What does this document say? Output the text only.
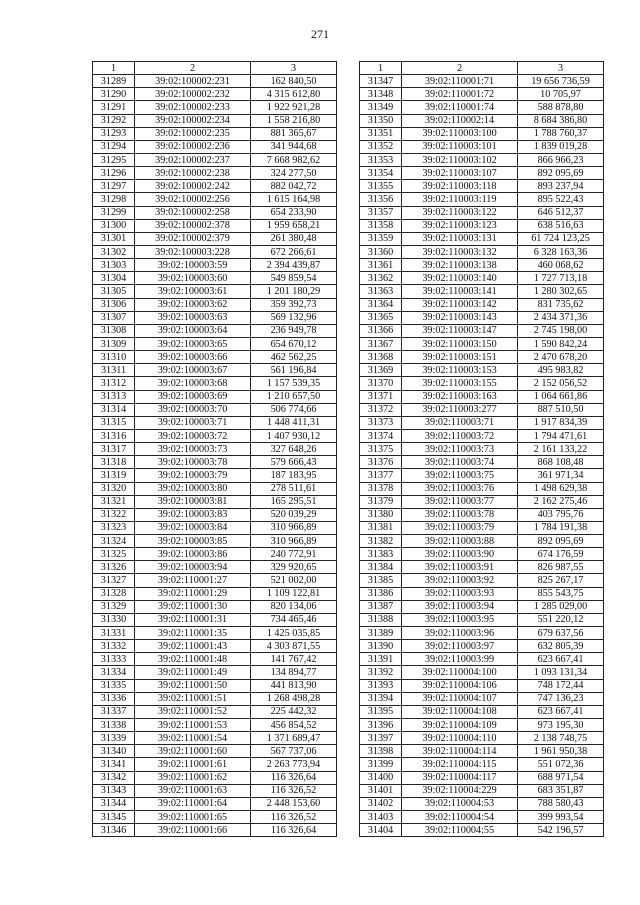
271
1	2	3
31289	39:02:100002:231	162 840,50
31290	39:02:100002:232	4 315 612,80
31291	39:02:100002:233	1 922 921,28
31292	39:02:100002:234	1 558 216,80
31293	39:02:100002:235	881 365,67
31294	39:02:100002:236	341 944,68
31295	39:02:100002:237	7 668 982,62
31296	39:02:100002:238	324 277,50
31297	39:02:100002:242	882 042,72
31298	39:02:100002:256	1 615 164,98
31299	39:02:100002:258	654 233,90
31300	39:02:100002:378	1 959 658,21
31301	39:02:100002:379	261 380,48
31302	39:02:100003:228	672 266,61
31303	39:02:100003:59	2 394 439,87
31304	39:02:100003:60	549 859,54
31305	39:02:100003:61	1 201 180,29
31306	39:02:100003:62	359 392,73
31307	39:02:100003:63	569 132,96
31308	39:02:100003:64	236 949,78
31309	39:02:100003:65	654 670,12
31310	39:02:100003:66	462 562,25
31311	39:02:100003:67	561 196,84
31312	39:02:100003:68	1 157 539,35
31313	39:02:100003:69	1 210 657,50
31314	39:02:100003:70	506 774,66
31315	39:02:100003:71	1 448 411,31
31316	39:02:100003:72	1 407 930,12
31317	39:02:100003:73	327 648,26
31318	39:02:100003:78	579 666,43
31319	39:02:100003:79	187 183,95
31320	39:02:100003:80	278 511,61
31321	39:02:100003:81	165 295,51
31322	39:02:100003:83	520 039,29
31323	39:02:100003:84	310 966,89
31324	39:02:100003:85	310 966,89
31325	39:02:100003:86	240 772,91
31326	39:02:100003:94	329 920,65
31327	39:02:110001:27	521 002,00
31328	39:02:110001:29	1 109 122,81
31329	39:02:110001:30	820 134,06
31330	39:02:110001:31	734 465,46
31331	39:02:110001:35	1 425 035,85
31332	39:02:110001:43	4 303 871,55
31333	39:02:110001:48	141 767,42
31334	39:02:110001:49	134 894,77
31335	39:02:110001:50	441 813,90
31336	39:02:110001:51	1 268 498,28
31337	39:02:110001:52	225 442,32
31338	39:02:110001:53	456 854,52
31339	39:02:110001:54	1 371 689,47
31340	39:02:110001:60	567 737,06
31341	39:02:110001:61	2 263 773,94
31342	39:02:110001:62	116 326,64
31343	39:02:110001:63	116 326,52
31344	39:02:110001:64	2 448 153,60
31345	39:02:110001:65	116 326,52
31346	39:02:110001:66	116 326,64
1	2	3
31347	39:02:110001:71	19 656 736,59
31348	39:02:110001:72	10 705,97
31349	39:02:110001:74	588 878,80
31350	39:02:110002:14	8 684 386,80
31351	39:02:110003:100	1 788 760,37
31352	39:02:110003:101	1 839 019,28
31353	39:02:110003:102	866 966,23
31354	39:02:110003:107	892 095,69
31355	39:02:110003:118	893 237,94
31356	39:02:110003:119	895 522,43
31357	39:02:110003:122	646 512,37
31358	39:02:110003:123	638 516,63
31359	39:02:110003:131	61 724 123,25
31360	39:02:110003:132	6 328 163,36
31361	39:02:110003:138	460 068,62
31362	39:02:110003:140	1 727 713,18
31363	39:02:110003:141	1 280 302,65
31364	39:02:110003:142	831 735,62
31365	39:02:110003:143	2 434 371,36
31366	39:02:110003:147	2 745 198,00
31367	39:02:110003:150	1 590 842,24
31368	39:02:110003:151	2 470 678,20
31369	39:02:110003:153	495 983,82
31370	39:02:110003:155	2 152 056,52
31371	39:02:110003:163	1 064 661,86
31372	39:02:110003:277	887 510,50
31373	39:02:110003:71	1 917 834,39
31374	39:02:110003:72	1 794 471,61
31375	39:02:110003:73	2 161 133,22
31376	39:02:110003:74	868 108,48
31377	39:02:110003:75	361 971,34
31378	39:02:110003:76	1 498 629,38
31379	39:02:110003:77	2 162 275,46
31380	39:02:110003:78	403 795,76
31381	39:02:110003:79	1 784 191,38
31382	39:02:110003:88	892 095,69
31383	39:02:110003:90	674 176,59
31384	39:02:110003:91	826 987,55
31385	39:02:110003:92	825 267,17
31386	39:02:110003:93	855 543,75
31387	39:02:110003:94	1 285 029,00
31388	39:02:110003:95	551 220,12
31389	39:02:110003:96	679 637,56
31390	39:02:110003:97	632 805,39
31391	39:02:110003:99	623 667,41
31392	39:02:110004:100	1 093 131,34
31393	39:02:110004:106	748 172,44
31394	39:02:110004:107	747 136,23
31395	39:02:110004:108	623 667,41
31396	39:02:110004:109	973 195,30
31397	39:02:110004:110	2 138 748,75
31398	39:02:110004:114	1 961 950,38
31399	39:02:110004:115	551 072,36
31400	39:02:110004:117	688 971,54
31401	39:02:110004:229	683 351,87
31402	39:02:110004:53	788 580,43
31403	39:02:110004:54	399 993,54
31404	39:02:110004:55	542 196,57
